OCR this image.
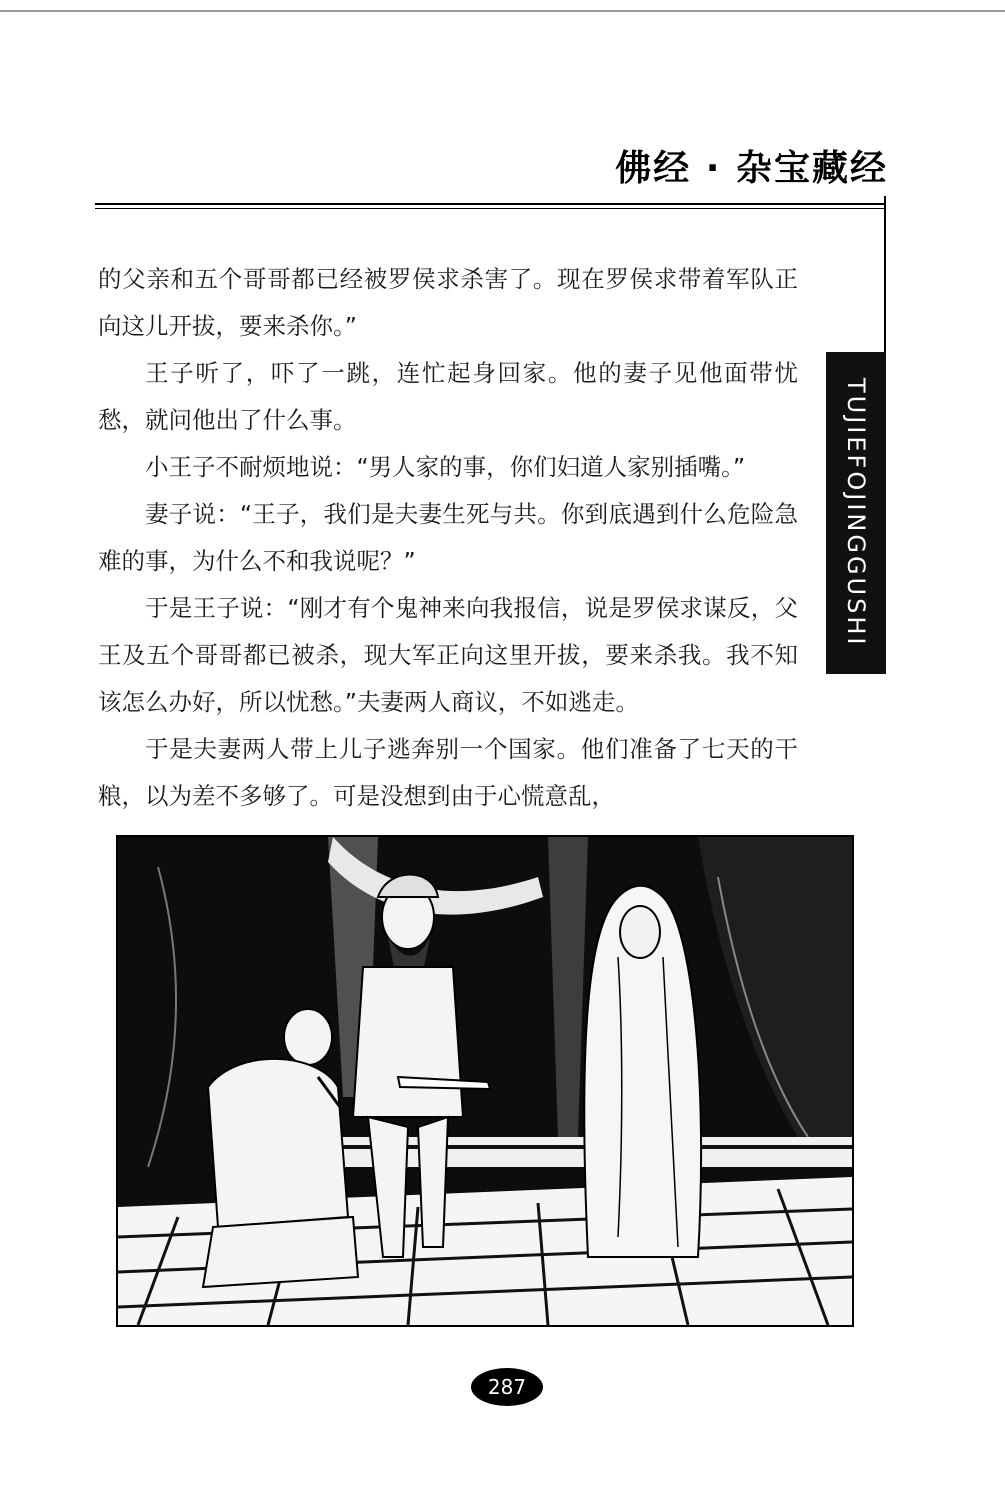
佛经 · 杂宝藏经
TUJIEFOJINGGUSHI

的父亲和五个哥哥都已经被罗侯求杀害了。现在罗侯求带着军队正向这儿开拔，要来杀你。”

王子听了，吓了一跳，连忙起身回家。他的妻子见他面带忧愁，就问他出了什么事。

小王子不耐烦地说：“男人家的事，你们妇道人家别插嘴。”

妻子说：“王子，我们是夫妻生死与共。你到底遇到什么危险急难的事，为什么不和我说呢？”

于是王子说：“刚才有个鬼神来向我报信，说是罗侯求谋反，父王及五个哥哥都已被杀，现大军正向这里开拔，要来杀我。我不知该怎么办好，所以忧愁。”夫妻两人商议，不如逃走。

于是夫妻两人带上儿子逃奔别一个国家。他们准备了七天的干粮，以为差不多够了。可是没想到由于心慌意乱，

287
